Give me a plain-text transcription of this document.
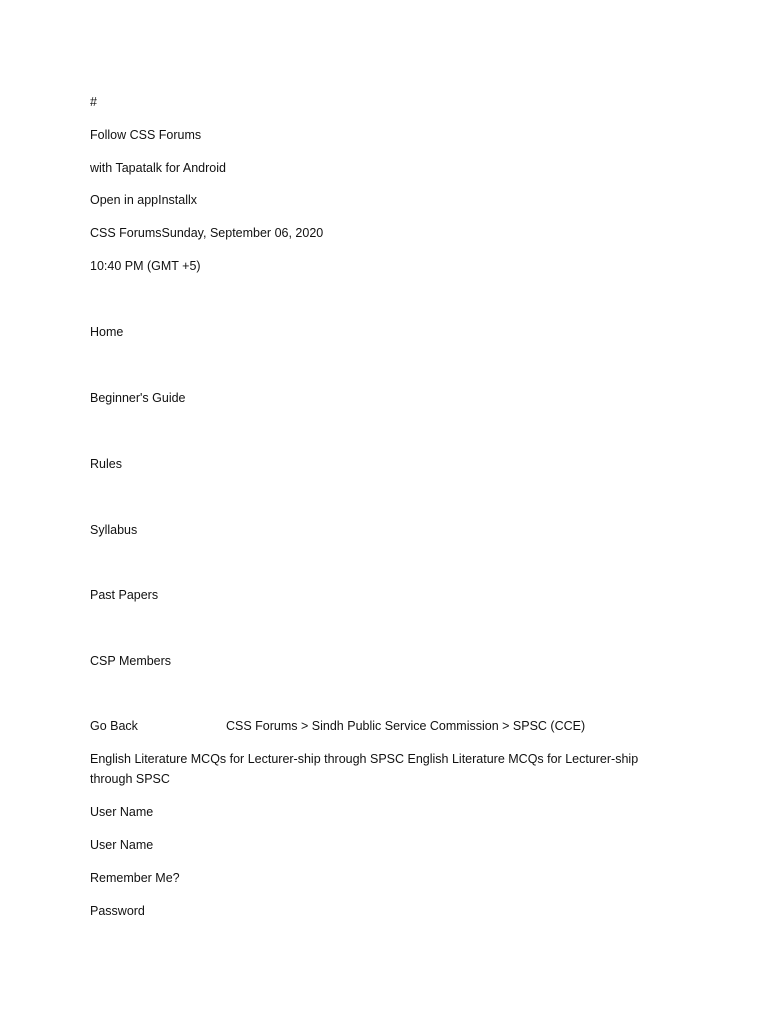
#
Follow CSS Forums
with Tapatalk for Android
Open in appInstallx
CSS ForumsSunday, September 06, 2020
10:40 PM (GMT +5)
Home
Beginner's Guide
Rules
Syllabus
Past Papers
CSP Members
Go Back	CSS Forums > Sindh Public Service Commission > SPSC (CCE)
English Literature MCQs for Lecturer-ship through SPSC English Literature MCQs for Lecturer-ship through SPSC
User Name
User Name
Remember Me?
Password
